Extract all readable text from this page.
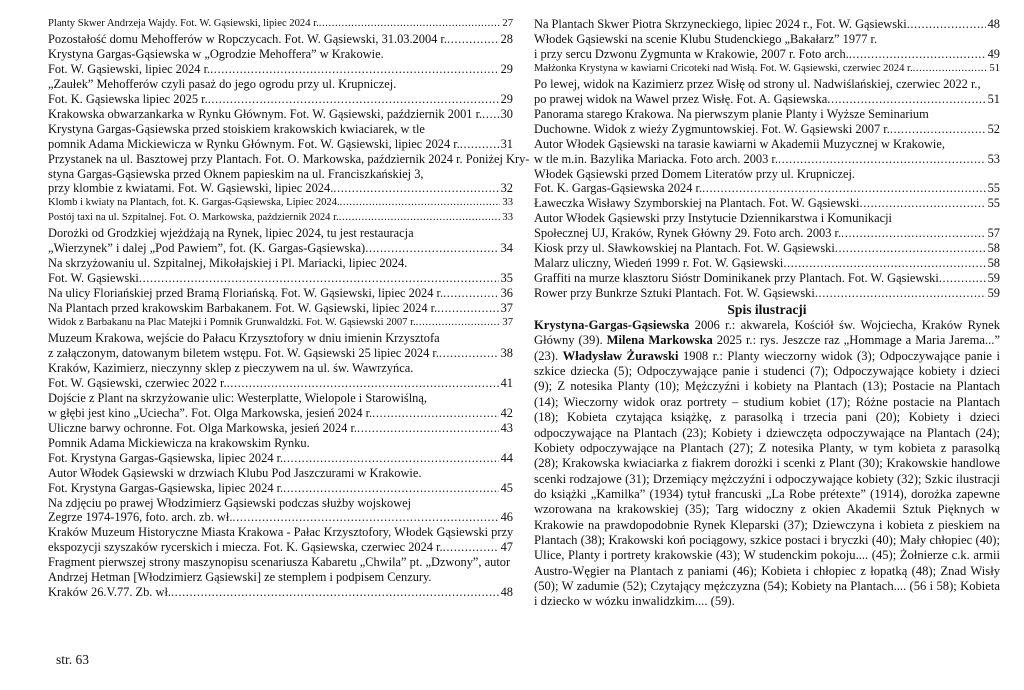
Planty Skwer Andrzeja Wajdy. Fot. W. Gąsiewski, lipiec 2024 r. .....	27
Pozostałość domu Mehofferów w Ropczycach. Fot. W. Gąsiewski, 31.03.2004 r. .....	28
Krystyna Gargas-Gąsiewska w „Ogrodzie Mehoffera” w Krakowie.
Fot. W. Gąsiewski, lipiec 2024 r. .....	29
„Zaułek” Mehofferów czyli pasaż do jego ogrodu przy ul. Krupniczej.
Fot. K. Gąsiewska lipiec 2025 r. .....	29
Krakowska obwarzankarka w Rynku Głównym. Fot. W. Gąsiewski, październik 2001 r. .....	30
Krystyna Gargas-Gąsiewska przed stoiskiem krakowskich kwiaciarek, w tle
pomnik Adama Mickiewicza w Rynku Głównym. Fot. W. Gąsiewski, lipiec 2024 r. .....	31
Przystanek na ul. Basztowej przy Plantach. Fot. O. Markowska, październik 2024 r. Poniżej Kry-
styna Gargas-Gąsiewska przed Oknem papieskim na ul. Franciszkańskiej 3,
przy klombie z kwiatami. Fot. W. Gąsiewski, lipiec 2024. .....	32
Klomb i kwiaty na Plantach, fot. K. Gargas-Gąsiewska, Lipiec 2024. .....	33
Postój taxi na ul. Szpitalnej. Fot. O. Markowska, październik 2024 r. .....	33
Dorożki od Grodzkiej wjeżdżają na Rynek, lipiec 2024, tu jest restauracja
„Wierzynek” i dalej „Pod Pawiem”, fot. (K. Gargas-Gąsiewska) .....	34
Na skrzyżowaniu ul. Szpitalnej, Mikołajskiej i Pl. Mariacki, lipiec 2024.
Fot. W. Gąsiewski .....	35
Na ulicy Floriańskiej przed Bramą Floriańską. Fot. W. Gąsiewski, lipiec 2024 r. .....	36
Na Plantach przed krakowskim Barbakanem. Fot. W. Gąsiewski, lipiec 2024 r. .....	37
Widok z Barbakanu na Plac Matejki i Pomnik Grunwaldzki. Fot. W. Gąsiewski 2007 r. .....	37
Muzeum Krakowa, wejście do Pałacu Krzysztofory w dniu imienin Krzysztofa
z załączonym, datowanym biletem wstępu. Fot. W. Gąsiewski 25 lipiec 2024 r. .....	38
Kraków, Kazimierz, nieczynny sklep z pieczywem na ul. św. Wawrzyńca.
Fot. W. Gąsiewski, czerwiec 2022 r. .....	41
Dojście z Plant na skrzyżowanie ulic: Westerplatte, Wielopole i Starowiślną,
w głębi jest kino „Uciecha”. Fot. Olga Markowska, jesień 2024 r. .....	42
Uliczne barwy ochronne. Fot. Olga Markowska, jesień 2024 r. .....	43
Pomnik Adama Mickiewicza na krakowskim Rynku.
Fot. Krystyna Gargas-Gąsiewska, lipiec 2024 r. .....	44
Autor Włodek Gąsiewski w drzwiach Klubu Pod Jaszczurami w Krakowie.
Fot. Krystyna Gargas-Gąsiewska, lipiec 2024 r. .....	45
Na zdjęciu po prawej Włodzimierz Gąsiewski podczas służby wojskowej
Zegrze 1974-1976, foto. arch. zb. wł. .....	46
Kraków Muzeum Historyczne Miasta Krakowa - Pałac Krzysztofory, Włodek Gąsiewski przy
ekspozycji szyszaków rycerskich i miecza. Fot. K. Gąsiewska, czerwiec 2024 r. .....	47
Fragment pierwszej strony maszynopisu scenariusza Kabaretu „Chwila” pt. „Dzwony”, autor
Andrzej Hetman [Włodzimierz Gąsiewski] ze stemplem i podpisem Cenzury.
Kraków 26.V.77. Zb. wł. .....	48
Na Plantach Skwer Piotra Skrzyneckiego, lipiec 2024 r., Fot. W. Gąsiewski .....	48
Włodek Gąsiewski na scenie Klubu Studenckiego „Bakałarz” 1977 r.
i przy sercu Dzwonu Zygmunta w Krakowie, 2007 r. Foto arch. .....	49
Małżonka Krystyna w kawiarni Cricoteki nad Wisłą. Fot. W. Gąsiewski, czerwiec 2024 r. .....	51
Po lewej, widok na Kazimierz przez Wisłę od strony ul. Nadwiślańskiej, czerwiec 2022 r.,
po prawej widok na Wawel przez Wisłę. Fot. A. Gąsiewska .....	51
Panorama starego Krakowa. Na pierwszym planie Planty i Wyższe Seminarium
Duchowne. Widok z wieży Zygmuntowskiej. Fot. W. Gąsiewski 2007 r. .....	52
Autor Włodek Gąsiewski na tarasie kawiarni w Akademii Muzycznej w Krakowie,
w tle m.in. Bazylika Mariacka. Foto arch. 2003 r. .....	53
Włodek Gąsiewski przed Domem Literatów przy ul. Krupniczej.
Fot. K. Gargas-Gąsiewska 2024 r. .....	55
Ławeczka Wisławy Szymborskiej na Plantach. Fot. W. Gąsiewski .....	55
Autor Włodek Gąsiewski przy Instytucie Dziennikarstwa i Komunikacji
Społecznej UJ, Kraków, Rynek Główny 29. Foto arch. 2003 r. .....	57
Kiosk przy ul. Sławkowskiej na Plantach. Fot. W. Gąsiewski .....	58
Malarz uliczny, Wiedeń 1999 r. Fot. W. Gąsiewski .....	58
Graffiti na murze klasztoru Sióstr Dominikanek przy Plantach. Fot. W. Gąsiewski .....	59
Rower przy Bunkrze Sztuki Plantach. Fot. W. Gąsiewski .....	59
Spis ilustracji

Krystyna-Gargas-Gąsiewska 2006 r.: akwarela, Kościół św. Wojciecha, Kraków Rynek Główny (39). Milena Markowska 2025 r.: rys. Jeszcze raz „Hommage a Maria Jarema...” (23). Władysław Żurawski 1908 r.: Planty wieczorny widok (3); Odpoczywające panie i szkice dziecka (5); Odpoczywające panie i studenci (7); Odpoczywające kobiety i dzieci (9); Z notesika Planty (10); Mężczyźni i kobiety na Plantach (13); Postacie na Plantach (14); Wieczorny widok oraz portrety – studium kobiet (17); Różne postacie na Plantach (18); Kobieta czytająca książkę, z parasolką i trzecia pani (20); Kobiety i dzieci odpoczywające na Plantach (23); Kobiety i dziewczęta odpoczywające na Plantach (24); Kobiety odpoczywające na Plantach (27); Z notesika Planty, w tym kobieta z parasolką (28); Krakowska kwiaciarka z fiakrem dorożki i scenki z Plant (30); Krakowskie handlowe scenki rodzajowe (31); Drzemiący mężczyźni i odpoczywające kobiety (32); Szkic ilustracji do książki „Kamilka” (1934) tytuł francuski „La Robe prétexte” (1914), dorożka zapewne wzorowana na krakowskiej (35); Targ widoczny z okien Akademii Sztuk Pięknych w Krakowie na prawdopodobnie Rynek Kleparski (37); Dziewczyna i kobieta z pieskiem na Plantach (38); Krakowski koń pociągowy, szkice postaci i bryczki (40); Mały chłopiec (40); Ulice, Planty i portrety krakowskie (43); W studenckim pokoju.... (45); Żołnierze c.k. armii Austro-Węgier na Plantach z paniami (46); Kobieta i chłopiec z łopatką (48); Znad Wisły (50); W zadumie (52); Czytający mężczyzna (54); Kobiety na Plantach.... (56 i 58); Kobieta i dziecko w wózku inwalidzkim.... (59).

str. 63
